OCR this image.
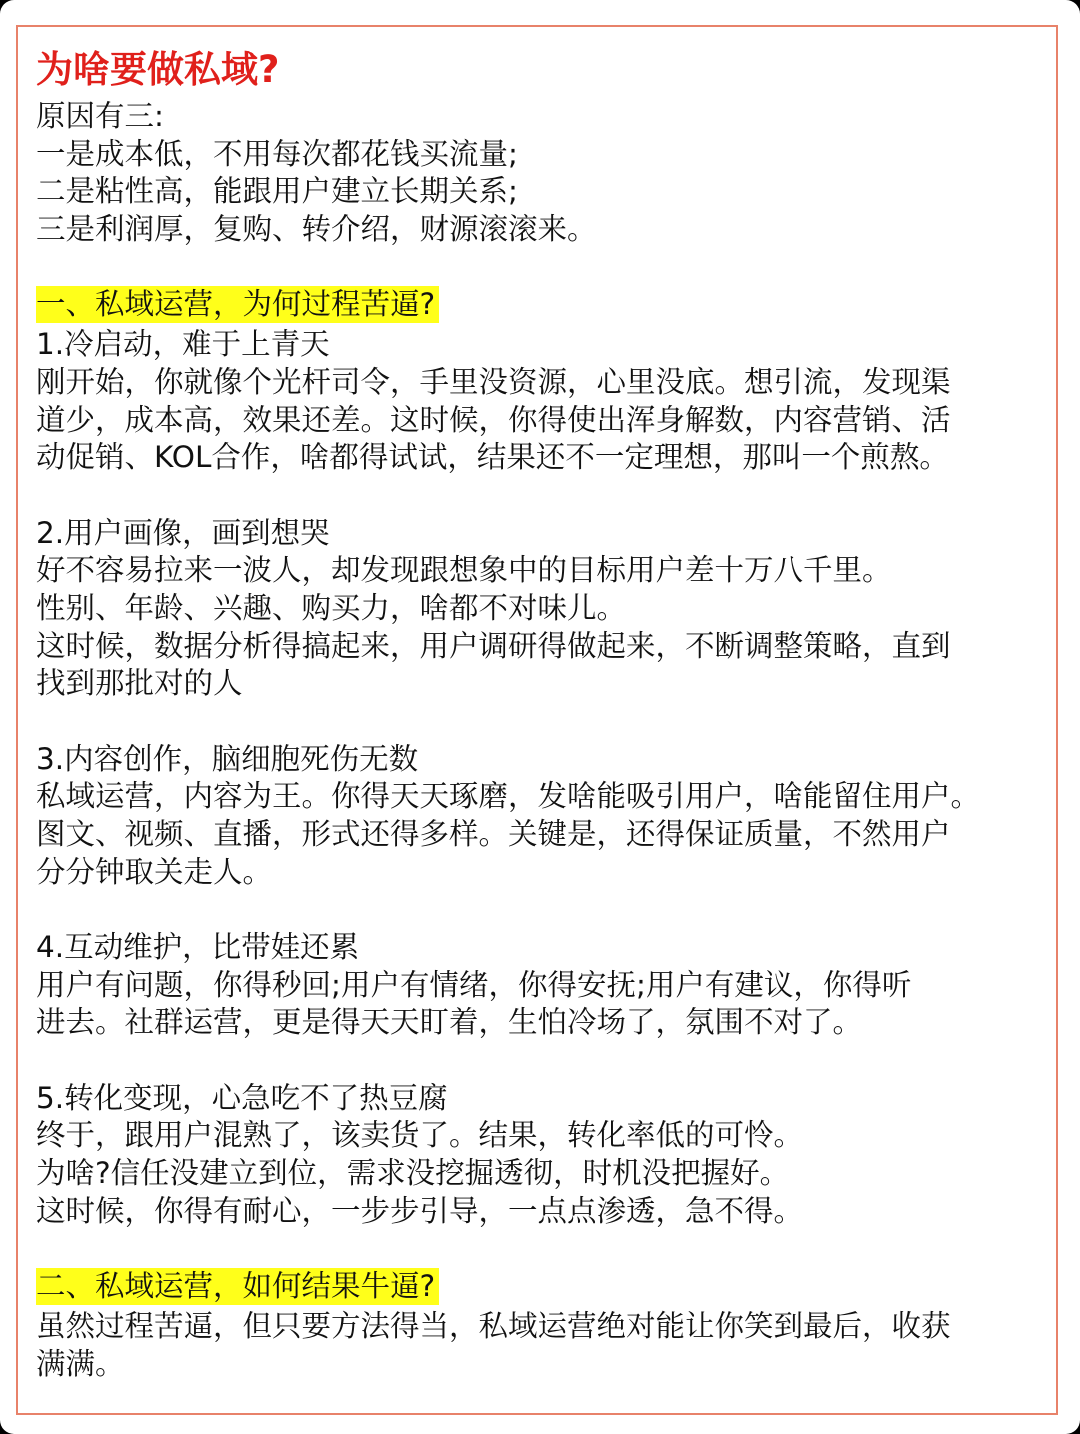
为啥要做私域?

原因有三:

一是成本低，不用每次都花钱买流量;

二是粘性高，能跟用户建立长期关系;

三是利润厚，复购、转介绍，财源滚滚来。

一、私域运营，为何过程苦逼?

1.冷启动，难于上青天

刚开始，你就像个光杆司令，手里没资源，心里没底。想引流，发现渠

道少，成本高，效果还差。这时候，你得使出浑身解数，内容营销、活

动促销、KOL合作，啥都得试试，结果还不一定理想，那叫一个煎熬。

2.用户画像，画到想哭

好不容易拉来一波人，却发现跟想象中的目标用户差十万八千里。

性别、年龄、兴趣、购买力，啥都不对味儿。

这时候，数据分析得搞起来，用户调研得做起来，不断调整策略，直到

找到那批对的人

3.内容创作，脑细胞死伤无数

私域运营，内容为王。你得天天琢磨，发啥能吸引用户，啥能留住用户。

图文、视频、直播，形式还得多样。关键是，还得保证质量，不然用户

分分钟取关走人。

4.互动维护，比带娃还累

用户有问题，你得秒回;用户有情绪，你得安抚;用户有建议，你得听

进去。社群运营，更是得天天盯着，生怕冷场了，氛围不对了。

5.转化变现，心急吃不了热豆腐

终于，跟用户混熟了，该卖货了。结果，转化率低的可怜。

为啥?信任没建立到位，需求没挖掘透彻，时机没把握好。

这时候，你得有耐心，一步步引导，一点点渗透，急不得。

二、私域运营，如何结果牛逼?

虽然过程苦逼，但只要方法得当，私域运营绝对能让你笑到最后，收获

满满。
